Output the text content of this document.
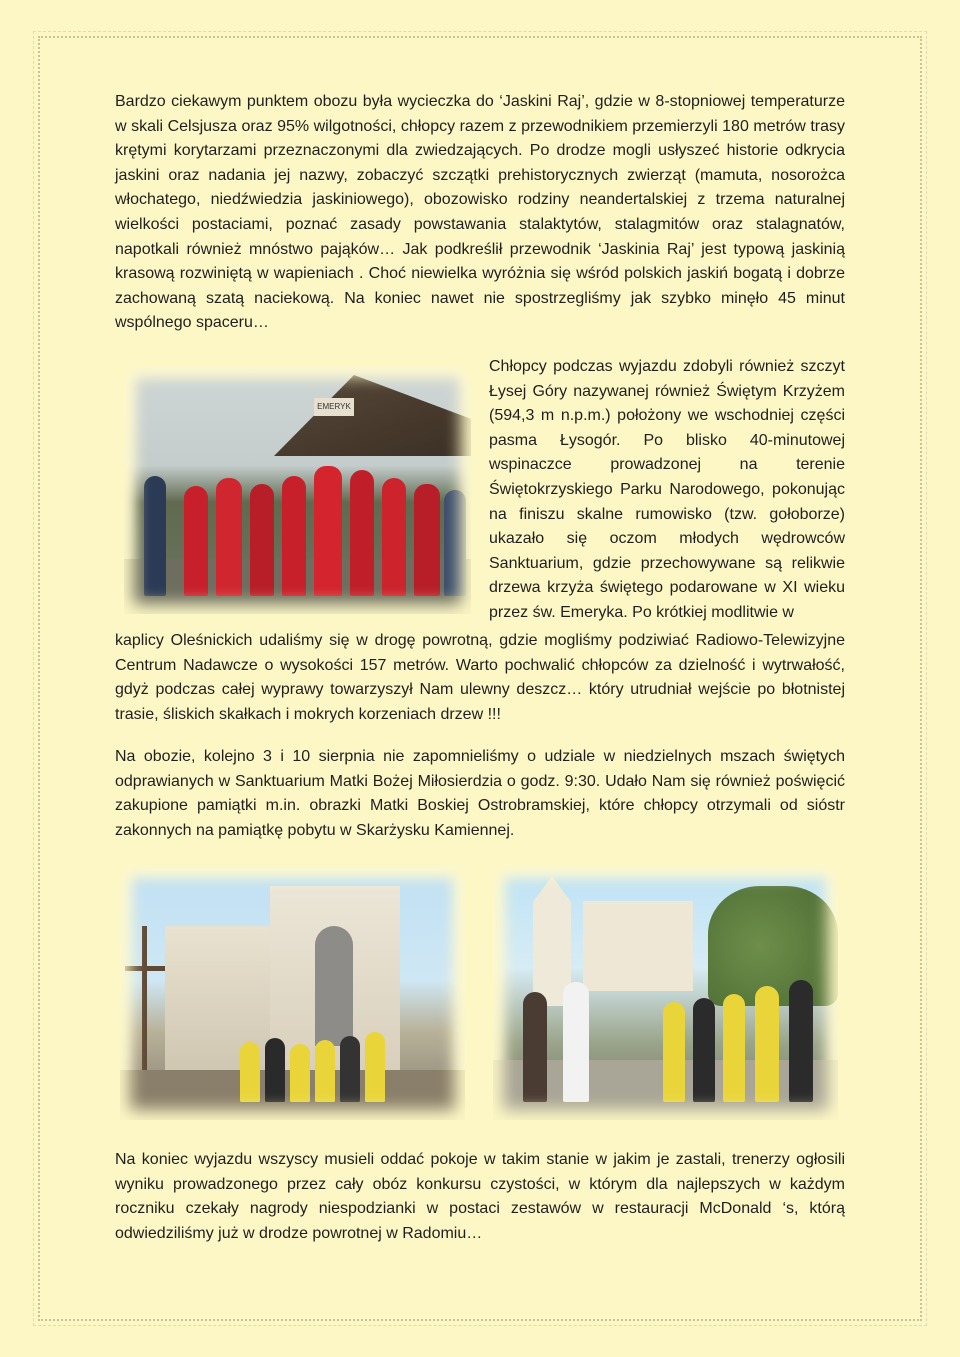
Bardzo ciekawym punktem obozu była wycieczka do ‘Jaskini Raj’, gdzie w 8-stopniowej temperaturze w skali Celsjusza oraz 95% wilgotności, chłopcy razem z przewodnikiem przemierzyli 180 metrów trasy krętymi korytarzami przeznaczonymi dla zwiedzających. Po drodze mogli usłyszeć historie odkrycia jaskini oraz nadania jej nazwy, zobaczyć szczątki prehistorycznych zwierząt (mamuta, nosorożca włochatego, niedźwiedzia jaskiniowego), obozowisko rodziny neandertalskiej z trzema naturalnej wielkości postaciami, poznać zasady powstawania stalaktytów, stalagmitów oraz stalagnatów, napotkali również mnóstwo pająków… Jak podkreślił przewodnik ‘Jaskinia Raj’ jest typową jaskinią krasową rozwiniętą w wapieniach . Choć niewielka wyróżnia się wśród polskich jaskiń bogatą i dobrze zachowaną szatą naciekową. Na koniec nawet nie spostrzegliśmy jak szybko minęło 45 minut wspólnego spaceru…

EMERYK

Chłopcy podczas wyjazdu zdobyli również szczyt Łysej Góry nazywanej również Świętym Krzyżem (594,3 m n.p.m.) położony we wschodniej części pasma Łysogór. Po blisko 40-minutowej wspinaczce prowadzonej na terenie Świętokrzyskiego Parku Narodowego, pokonując na finiszu skalne rumowisko (tzw. gołoborze) ukazało się oczom młodych wędrowców Sanktuarium, gdzie przechowywane są relikwie drzewa krzyża świętego podarowane w XI wieku przez św. Emeryka. Po krótkiej modlitwie w

kaplicy Oleśnickich udaliśmy się w drogę powrotną, gdzie mogliśmy podziwiać Radiowo-Telewizyjne Centrum Nadawcze o wysokości 157 metrów. Warto pochwalić chłopców za dzielność i wytrwałość, gdyż podczas całej wyprawy towarzyszył Nam ulewny deszcz… który utrudniał wejście po błotnistej trasie, śliskich skałkach i mokrych korzeniach drzew !!!

Na obozie, kolejno 3 i 10 sierpnia nie zapomnieliśmy o udziale w niedzielnych mszach świętych odprawianych w Sanktuarium Matki Bożej Miłosierdzia o godz. 9:30. Udało Nam się również poświęcić zakupione pamiątki m.in. obrazki Matki Boskiej Ostrobramskiej, które chłopcy otrzymali od sióstr zakonnych na pamiątkę pobytu w Skarżysku Kamiennej.

Na koniec wyjazdu wszyscy musieli oddać pokoje w takim stanie w jakim je zastali, trenerzy ogłosili wyniku prowadzonego przez cały obóz konkursu czystości, w którym dla najlepszych w każdym roczniku czekały nagrody niespodzianki w postaci zestawów w restauracji McDonald ‘s, którą odwiedziliśmy już w drodze powrotnej w Radomiu…
